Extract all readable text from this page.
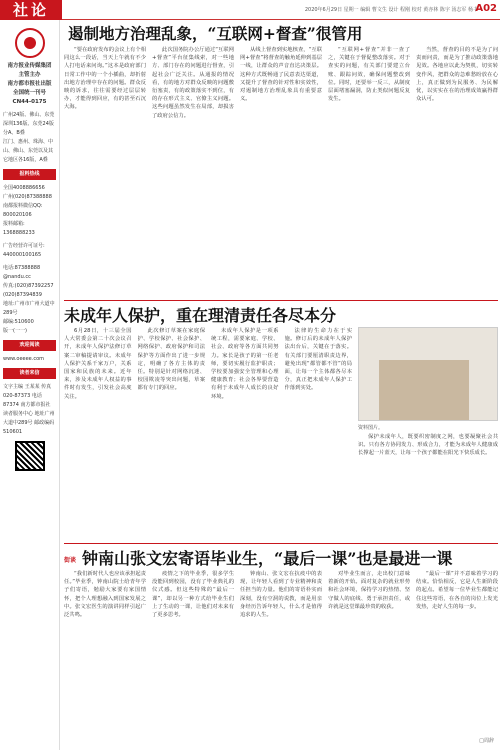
社论	2020年6月29日 星期一 编辑 曹文生 设计 程刚 校对 黄亦林 陈宇 汤志军 杨书
A02
南方报业传媒集团
主管主办
南方都市报社出版
全国统一刊号 CN44-0175
广州24版、佛山、东莞
深圳136版、东莞24版
分A、B叠
江门、惠州、珠海、中山、佛山、东莞以及其它地区各16版，A叠
报料热线
全国4008886656
广州(020)87388888
南都报料微信QQ:
800020106
报料邮箱:
1368888233
广告经营许可证号:
440000100165
电话:87388888
@nandu.cc
传真:(020)87392257
(020)87394839
地址:广州市广州大道中289号
邮编:510600
版一(一一)
欢迎阅读
www.oeeee.com
读者来信
文字主编 王某某 传真020-87373 电话87374 南方都市报社 读者服务中心 地址广州大道中289号 邮政编码510601
遏制地方治理乱象，“互联网+督查”很管用

“要在政府发布的会议上有个相同这么一段话，当天上午就有不少人打电话来问询。”这本是政府部门日常工作中的一个小插曲，却折射出地方治理中存在的问题。群众反映的诉求，往往需要经过层层转办，才能得到回应，有的甚至石沉大海。

此次国务院办公厅通过“互联网+督查”平台征集线索，对一些地方、部门存在的问题进行督查，引起社会广泛关注。从通报的情况看，有的地方对群众反映的问题敷衍塞责，有的政策落实不到位，有的存在形式主义、官僚主义问题。这些问题虽然发生在局部，却损害了政府公信力。

从线上督查到实地核查，“互联网+督查”将督查的触角延伸到基层一线，让群众的声音直达决策层。这种方式既畅通了民意表达渠道，又提升了督查的针对性和实效性，对遏制地方治理乱象具有重要意义。

“互联网+督查”并非一查了之，关键在于督促整改落实。对于查实的问题，有关部门要建立台账、跟踪问效，确保问题整改到位。同时，还要举一反三，从制度层面堵塞漏洞，防止类似问题反复发生。

当然，督查的目的不是为了问责而问责，而是为了推动政策落地见效。各地应以此为契机，切实转变作风，把群众的急难愁盼放在心上，真正做到为民服务、为民解忧，以实实在在的治理成效赢得群众认可。

未成年人保护，重在理清责任各尽本分

6月28日，十三届全国人大常委会第二十次会议召开，未成年人保护法修订草案二审稿提请审议。未成年人保护关系千家万户，关系国家和民族的未来。近年来，涉及未成年人权益的事件时有发生，引发社会高度关注。

此次修订草案在家庭保护、学校保护、社会保护、网络保护、政府保护和司法保护等方面作出了进一步规定，明确了各方主体的责任。特别是针对网络沉迷、校园欺凌等突出问题，草案都有专门的回应。

未成年人保护是一项系统工程，需要家庭、学校、社会、政府等各方面共同努力。家长是孩子的第一任老师，要切实履行监护职责；学校要加强安全管理和心理健康教育；社会各界要营造有利于未成年人成长的良好环境。

法律的生命力在于实施。修订后的未成年人保护法出台后，关键在于落实。有关部门要厘清职责边界，避免出现“都管都不管”的局面，让每一个主体都各尽本分，真正把未成年人保护工作落到实处。

资料图片。

保护未成年人，既要织密制度之网，也要凝聚社会共识。只有各方协同发力、形成合力，才能为未成年人健康成长撑起一片蓝天，让每一个孩子都能在阳光下快乐成长。

街谈 钟南山张文宏寄语毕业生，“最后一课”也是最进一课

“我们新时代人也应该承担起责任。”毕业季，钟南山院士给青年学子们寄语，勉励大家要有家国情怀，把个人理想融入到国家发展之中。张文宏医生的演讲同样引起广泛共鸣。

疫情之下的毕业季，很多学生没能回到校园，没有了毕业典礼的仪式感。但这些特殊的“最后一课”，却以另一种方式给毕业生们上了生动的一课，让他们对未来有了更多思考。

钟南山、张文宏在抗疫中的表现，让年轻人看到了专业精神和责任担当的力量。他们的寄语朴实而深刻，没有空洞的说教，而是用亲身经历告诉年轻人，什么才是值得追求的人生。

对毕业生而言，走出校门意味着新的开始。面对复杂的就业形势和社会环境，保持学习的热情、坚守做人的底线、勇于承担责任，或许就是这堂课最珍贵的收获。

“最后一课”并不意味着学习的结束。恰恰相反，它是人生新阶段的起点。希望每一位毕业生都能记住这些寄语，在各自的岗位上发光发热，走好人生的每一步。

□周辞
